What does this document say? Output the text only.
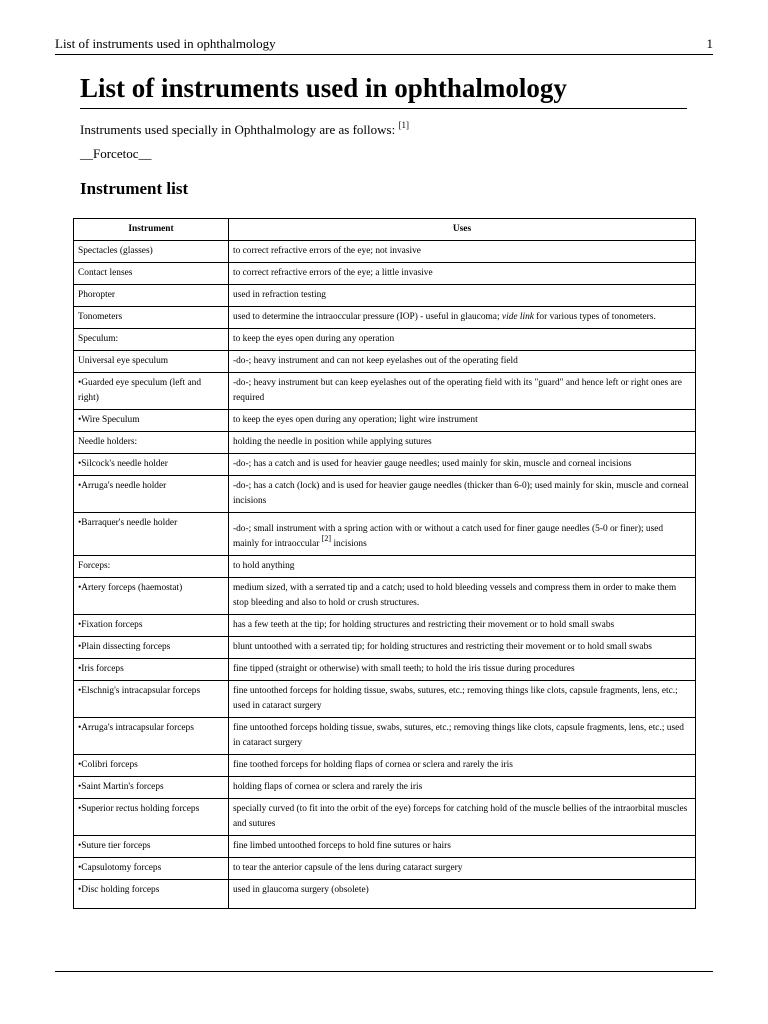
List of instruments used in ophthalmology	1
List of instruments used in ophthalmology

Instruments used specially in Ophthalmology are as follows: [1]

__Forcetoc__

Instrument list
Instrument	Uses
Spectacles (glasses)	to correct refractive errors of the eye; not invasive
Contact lenses	to correct refractive errors of the eye; a little invasive
Phoropter	used in refraction testing
Tonometers	used to determine the intraoccular pressure (IOP) - useful in glaucoma; vide link for various types of tonometers.
Speculum:	to keep the eyes open during any operation
Universal eye speculum	-do-; heavy instrument and can not keep eyelashes out of the operating field
•Guarded eye speculum (left and right)	-do-; heavy instrument but can keep eyelashes out of the operating field with its "guard" and hence left or right ones are required
•Wire Speculum	to keep the eyes open during any operation; light wire instrument
Needle holders:	holding the needle in position while applying sutures
•Silcock's needle holder	-do-; has a catch and is used for heavier gauge needles; used mainly for skin, muscle and corneal incisions
•Arruga's needle holder	-do-; has a catch (lock) and is used for heavier gauge needles (thicker than 6-0); used mainly for skin, muscle and corneal incisions
•Barraquer's needle holder	-do-; small instrument with a spring action with or without a catch used for finer gauge needles (5-0 or finer); used mainly for intraoccular [2] incisions
Forceps:	to hold anything
•Artery forceps (haemostat)	medium sized, with a serrated tip and a catch; used to hold bleeding vessels and compress them in order to make them stop bleeding and also to hold or crush structures.
•Fixation forceps	has a few teeth at the tip; for holding structures and restricting their movement or to hold small swabs
•Plain dissecting forceps	blunt untoothed with a serrated tip; for holding structures and restricting their movement or to hold small swabs
•Iris forceps	fine tipped (straight or otherwise) with small teeth; to hold the iris tissue during procedures
•Elschnig's intracapsular forceps	fine untoothed forceps for holding tissue, swabs, sutures, etc.; removing things like clots, capsule fragments, lens, etc.; used in cataract surgery
•Arruga's intracapsular forceps	fine untoothed forceps holding tissue, swabs, sutures, etc.; removing things like clots, capsule fragments, lens, etc.; used in cataract surgery
•Colibri forceps	fine toothed forceps for holding flaps of cornea or sclera and rarely the iris
•Saint Martin's forceps	holding flaps of cornea or sclera and rarely the iris
•Superior rectus holding forceps	specially curved (to fit into the orbit of the eye) forceps for catching hold of the muscle bellies of the intraorbital muscles and sutures
•Suture tier forceps	fine limbed untoothed forceps to hold fine sutures or hairs
•Capsulotomy forceps	to tear the anterior capsule of the lens during cataract surgery
•Disc holding forceps	used in glaucoma surgery (obsolete)
